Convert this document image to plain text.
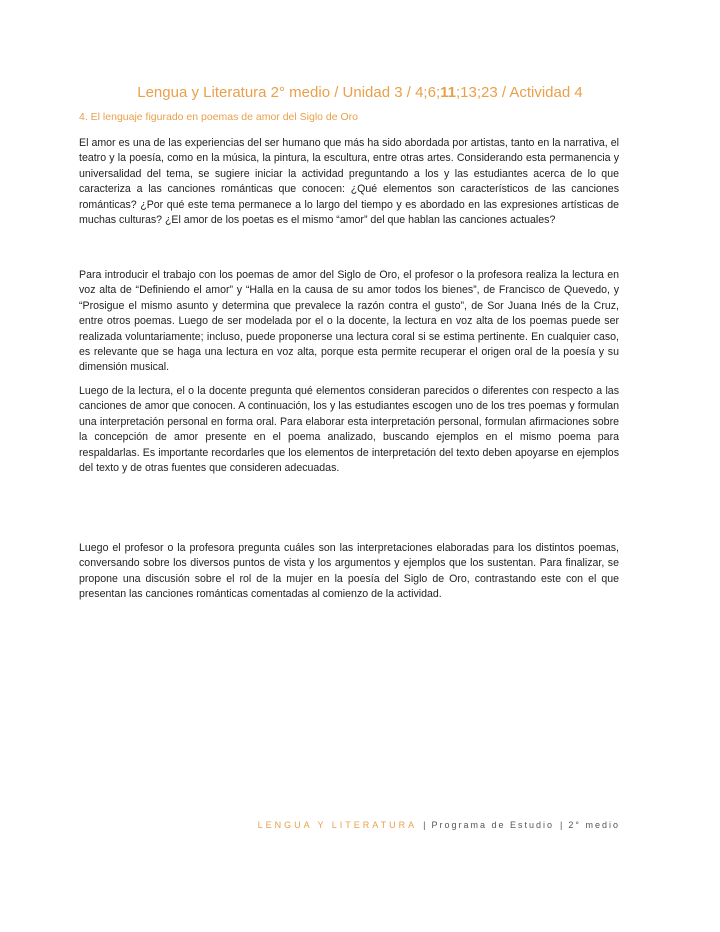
Lengua y Literatura 2° medio / Unidad 3 / 4;6;11;13;23 / Actividad 4
4. El lenguaje figurado en poemas de amor del Siglo de Oro

El amor es una de las experiencias del ser humano que más ha sido abordada por artistas, tanto en la narrativa, el teatro y la poesía, como en la música, la pintura, la escultura, entre otras artes. Considerando esta permanencia y universalidad del tema, se sugiere iniciar la actividad preguntando a los y las estudiantes acerca de lo que caracteriza a las canciones románticas que conocen: ¿Qué elementos son característicos de las canciones románticas? ¿Por qué este tema permanece a lo largo del tiempo y es abordado en las expresiones artísticas de muchas culturas? ¿El amor de los poetas es el mismo “amor” del que hablan las canciones actuales?

Para introducir el trabajo con los poemas de amor del Siglo de Oro, el profesor o la profesora realiza la lectura en voz alta de “Definiendo el amor” y “Halla en la causa de su amor todos los bienes”, de Francisco de Quevedo, y “Prosigue el mismo asunto y determina que prevalece la razón contra el gusto”, de Sor Juana Inés de la Cruz, entre otros poemas. Luego de ser modelada por el o la docente, la lectura en voz alta de los poemas puede ser realizada voluntariamente; incluso, puede proponerse una lectura coral si se estima pertinente. En cualquier caso, es relevante que se haga una lectura en voz alta, porque esta permite recuperar el origen oral de la poesía y su dimensión musical.

Luego de la lectura, el o la docente pregunta qué elementos consideran parecidos o diferentes con respecto a las canciones de amor que conocen. A continuación, los y las estudiantes escogen uno de los tres poemas y formulan una interpretación personal en forma oral. Para elaborar esta interpretación personal, formulan afirmaciones sobre la concepción de amor presente en el poema analizado, buscando ejemplos en el mismo poema para respaldarlas. Es importante recordarles que los elementos de interpretación del texto deben apoyarse en ejemplos del texto y de otras fuentes que consideren adecuadas.

Luego el profesor o la profesora pregunta cuáles son las interpretaciones elaboradas para los distintos poemas, conversando sobre los diversos puntos de vista y los argumentos y ejemplos que los sustentan. Para finalizar, se propone una discusión sobre el rol de la mujer en la poesía del Siglo de Oro, contrastando este con el que presentan las canciones románticas comentadas al comienzo de la actividad.

LENGUA Y LITERATURA | Programa de Estudio | 2° medio
